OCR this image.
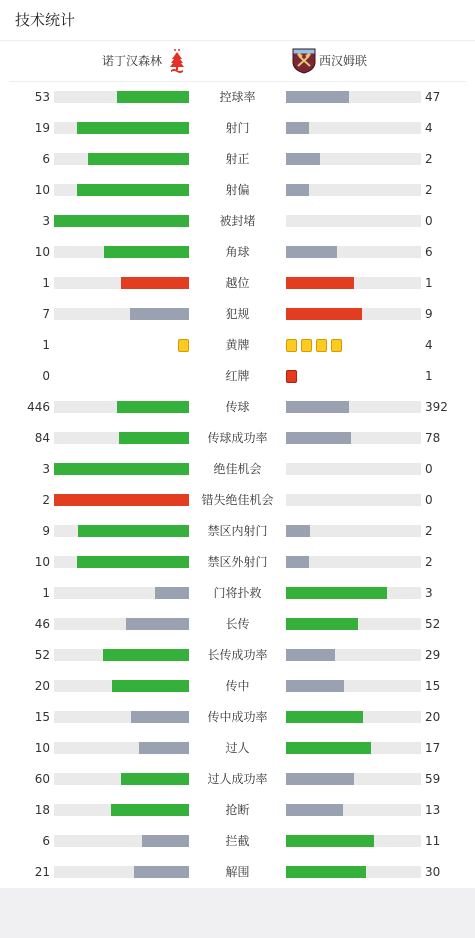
技术统计
诺丁汉森林	西汉姆联
53	控球率	47
19	射门	4
6	射正	2
10	射偏	2
3	被封堵	0
10	角球	6
1	越位	1
7	犯规	9
1	黄牌	4
0	红牌	1
446	传球	392
84	传球成功率	78
3	绝佳机会	0
2	错失绝佳机会	0
9	禁区内射门	2
10	禁区外射门	2
1	门将扑救	3
46	长传	52
52	长传成功率	29
20	传中	15
15	传中成功率	20
10	过人	17
60	过人成功率	59
18	抢断	13
6	拦截	11
21	解围	30
